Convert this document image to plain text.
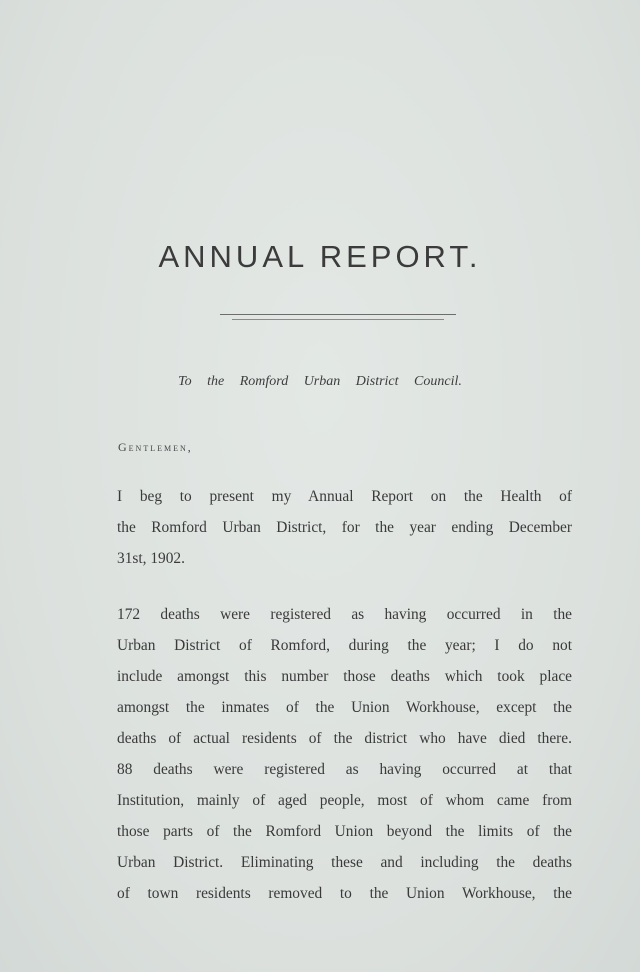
ANNUAL REPORT.
To the Romford Urban District Council.
Gentlemen,
I beg to present my Annual Report on the Health of
the Romford Urban District, for the year ending December
31st, 1902.
172 deaths were registered as having occurred in the
Urban District of Romford, during the year; I do not
include amongst this number those deaths which took place
amongst the inmates of the Union Workhouse, except the
deaths of actual residents of the district who have died there.
88 deaths were registered as having occurred at that
Institution, mainly of aged people, most of whom came from
those parts of the Romford Union beyond the limits of the
Urban District. Eliminating these and including the deaths
of town residents removed to the Union Workhouse, the
